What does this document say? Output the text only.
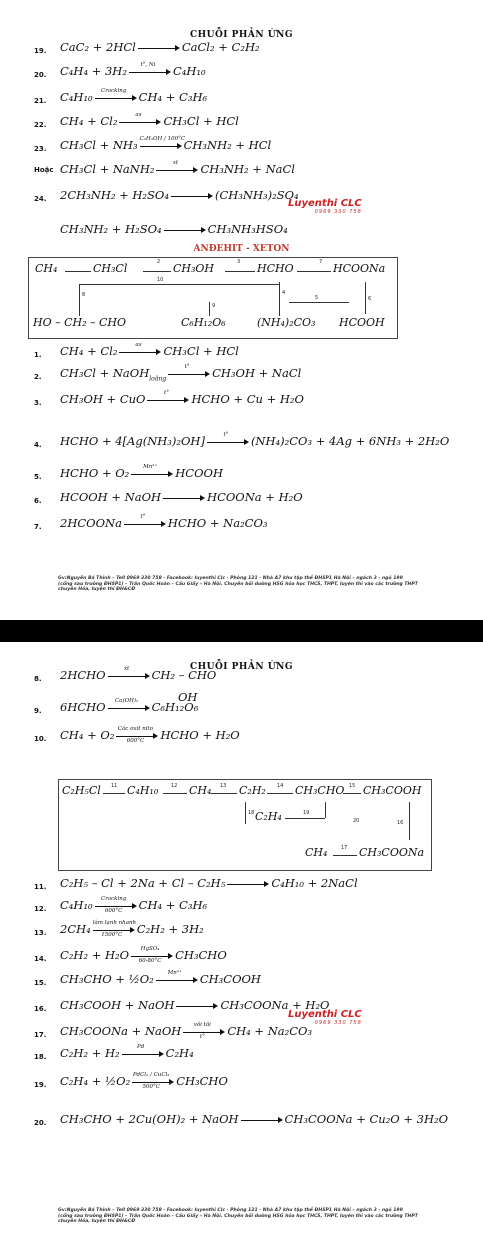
CHUỖI PHẢN ỨNG
19. CaC₂ + 2HCl	CaCl₂ + C₂H₂
20. C₄H₄ + 3H₂	t°, Ni	C₄H₁₀
21. C₄H₁₀	Cracking	CH₄ + C₃H₆
22. CH₄ + Cl₂	as	CH₃Cl + HCl
23. CH₃Cl + NH₃ C₂H₅OH / 100°C
CH₃NH₂ + HCl
Hoặc CH₃Cl + NaNH₂	xt	CH₃NH₂ + NaCl
24. 2CH₃NH₂ + H₂SO₄	(CH₃NH₃)₂SO₄
CH₃NH₂ + H₂SO₄	CH₃NH₃HSO₄
Luyenthi CLC
0969 330 758
ANĐEHIT - XETON
CH₄	CH₃Cl	2 CH₃OH	3 HCHO	7 HCOONa
10
8
9
4
5	6
HO – CH₂ – CHO	C₆H₁₂O₆	(NH₄)₂CO₃ HCOOH
1. CH₄ + Cl₂	as	CH₃Cl + HCl
2. CH₃Cl + NaOH$_{loãng}$
t°	CH₃OH + NaCl
3. CH₃OH + CuO	t°	HCHO + Cu + H₂O
4. HCHO + 4[Ag(NH₃)₂OH]	t°	(NH₄)₂CO₃ + 4Ag + 6NH₃ + 2H₂O
5. HCHO + O₂	Mn²⁺	HCOOH
6. HCOOH + NaOH	HCOONa + H₂O
7. 2HCOONa	t°	HCHO + Na₂CO₃
Gv:Nguyễn Bá Thịnh – Tell 0969 330 758 - Facebook: luyenthi Clc - Phòng 121 - Nhà A7 khu tập thể ĐHSP1 Hà Nội – ngách 3 - ngõ 199 (cổng sau trường ĐHSP1) – Trần Quốc Hoàn – Cầu Giấy – Hà Nội. Chuyên bồi dưỡng HSG hóa học THCS, THPT, luyện thi vào các trường THPT chuyên Hóa, luyện thi ĐH&CĐ
CHUỖI PHẢN ỨNG
8. 2HCHO	xt	CH₂ – CHO
OH
9. 6HCHO	Ca(OH)₂	C₆H₁₂O₆
10. CH₄ + O₂ Các oxit nito
600°C	HCHO + H₂O
C₂H₅Cl 11 C₄H₁₀	12 CH₄ 13 C₂H₂ 14 CH₃CHO 15 CH₃COOH
18 C₂H₄	19
20	16
CH₄	17 CH₃COONa
11. C₂H₅ – Cl + 2Na + Cl – C₂H₅	C₄H₁₀ + 2NaCl
12. C₄H₁₀	Cracking
600°C	CH₄ + C₃H₆
13. 2CH₄ làm lạnh nhanh
1500°C	C₂H₂ + 3H₂
14. C₂H₂ + H₂O	HgSO₄
60-80°C	CH₃CHO
15. CH₃CHO + ½O₂	Mn²⁺	CH₃COOH
16. CH₃COOH + NaOH	CH₃COONa + H₂O
17. CH₃COONa + NaOH	vôi tôi
t°	CH₄ + Na₂CO₃
18. C₂H₂ + H₂	Pd	C₂H₄
19. C₂H₄ + ½O₂ PdCl₂ / CuCl₂
500°C	CH₃CHO
20. CH₃CHO + 2Cu(OH)₂ + NaOH	CH₃COONa + Cu₂O + 3H₂O
Luyenthi CLC
0969 330 758
Gv:Nguyễn Bá Thịnh – Tell 0969 330 758 - Facebook: luyenthi Clc - Phòng 121 - Nhà A7 khu tập thể ĐHSP1 Hà Nội – ngách 3 - ngõ 199 (cổng sau trường ĐHSP1) – Trần Quốc Hoàn – Cầu Giấy – Hà Nội. Chuyên bồi dưỡng HSG hóa học THCS, THPT, luyện thi vào các trường THPT chuyên Hóa, luyện thi ĐH&CĐ
